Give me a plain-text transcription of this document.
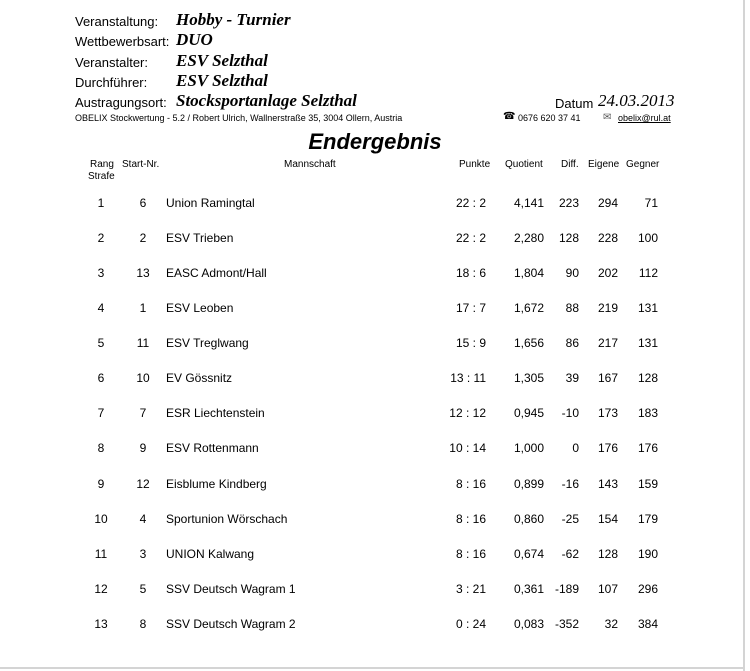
Veranstaltung: Hobby - Turnier
Wettbewerbsart: DUO
Veranstalter: ESV Selzthal
Durchführer: ESV Selzthal
Austragungsort: Stocksportanlage Selzthal	Datum 24.03.2013
OBELIX Stockwertung - 5.2 / Robert Ulrich, Wallnerstraße 35, 3004 Ollern, Austria	☎ 0676 620 37 41 ✉ obelix@rul.at
Endergebnis
Rang
Strafe
Start-Nr.	Mannschaft	Punkte Quotient Diff. Eigene Gegner
1	6	Union Ramingtal	22 : 2	4,141	223	294	71
2	2	ESV Trieben	22 : 2	2,280	128	228	100
3	13	EASC Admont/Hall	18 : 6	1,804	90	202	112
4	1	ESV Leoben	17 : 7	1,672	88	219	131
5	11	ESV Treglwang	15 : 9	1,656	86	217	131
6	10	EV Gössnitz	13 : 11	1,305	39	167	128
7	7	ESR Liechtenstein	12 : 12	0,945	-10	173	183
8	9	ESV Rottenmann	10 : 14	1,000	0	176	176
9	12	Eisblume Kindberg	8 : 16	0,899	-16	143	159
10	4	Sportunion Wörschach	8 : 16	0,860	-25	154	179
11	3	UNION Kalwang	8 : 16	0,674	-62	128	190
12	5	SSV Deutsch Wagram 1	3 : 21	0,361 -189	107	296
13	8	SSV Deutsch Wagram 2	0 : 24	0,083 -352	32	384
